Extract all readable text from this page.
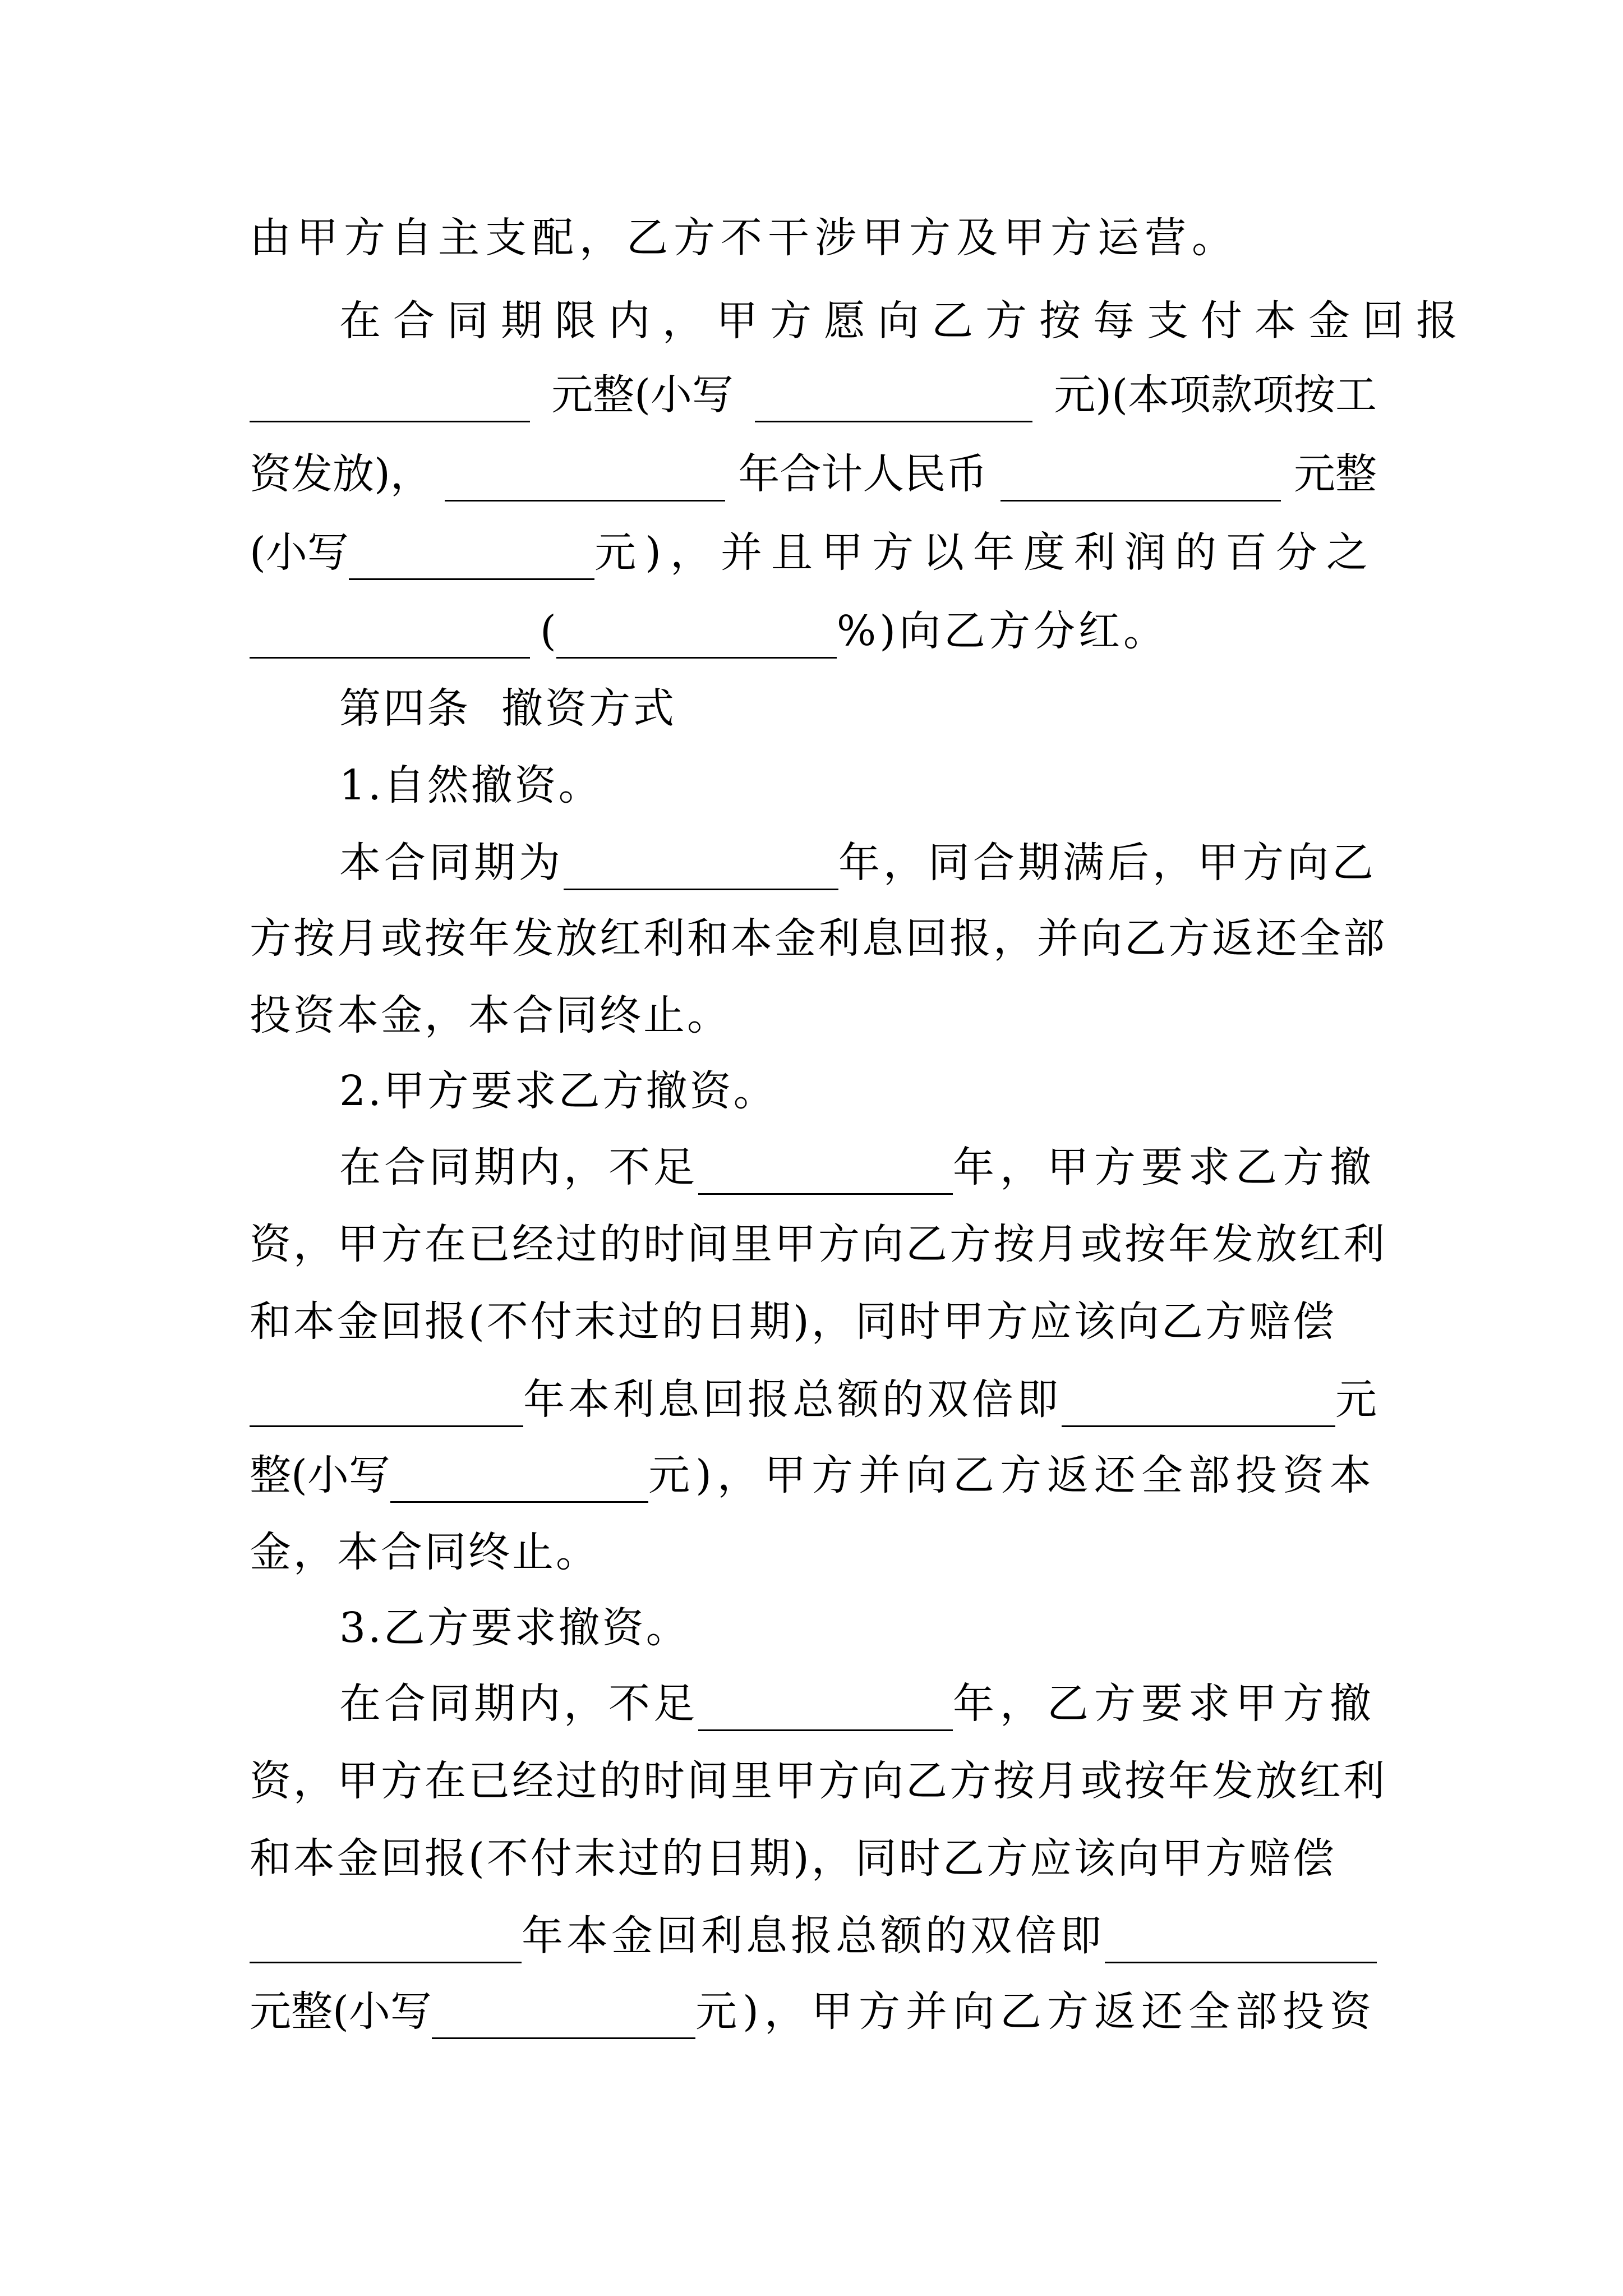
由甲方自主支配，乙方不干涉甲方及甲方运营。
在合同期限内，甲方愿向乙方按每支付本金回报
元整(小写	元)(本项款项按工
资发放)，	年合计人民币	元整
(小写	元)，并且甲方以年度利润的百分之
(	%)向乙方分红。
第四条  撤资方式
1.自然撤资。
本合同期为	年，同合期满后，甲方向乙
方按月或按年发放红利和本金利息回报，并向乙方返还全部
投资本金，本合同终止。
2.甲方要求乙方撤资。
在合同期内，不足	年，甲方要求乙方撤
资，甲方在已经过的时间里甲方向乙方按月或按年发放红利
和本金回报(不付末过的日期)，同时甲方应该向乙方赔偿
年本利息回报总额的双倍即	元
整(小写	元)，甲方并向乙方返还全部投资本
金，本合同终止。
3.乙方要求撤资。
在合同期内，不足	年，乙方要求甲方撤
资，甲方在已经过的时间里甲方向乙方按月或按年发放红利
和本金回报(不付末过的日期)，同时乙方应该向甲方赔偿
年本金回利息报总额的双倍即
元整(小写	元)，甲方并向乙方返还全部投资
